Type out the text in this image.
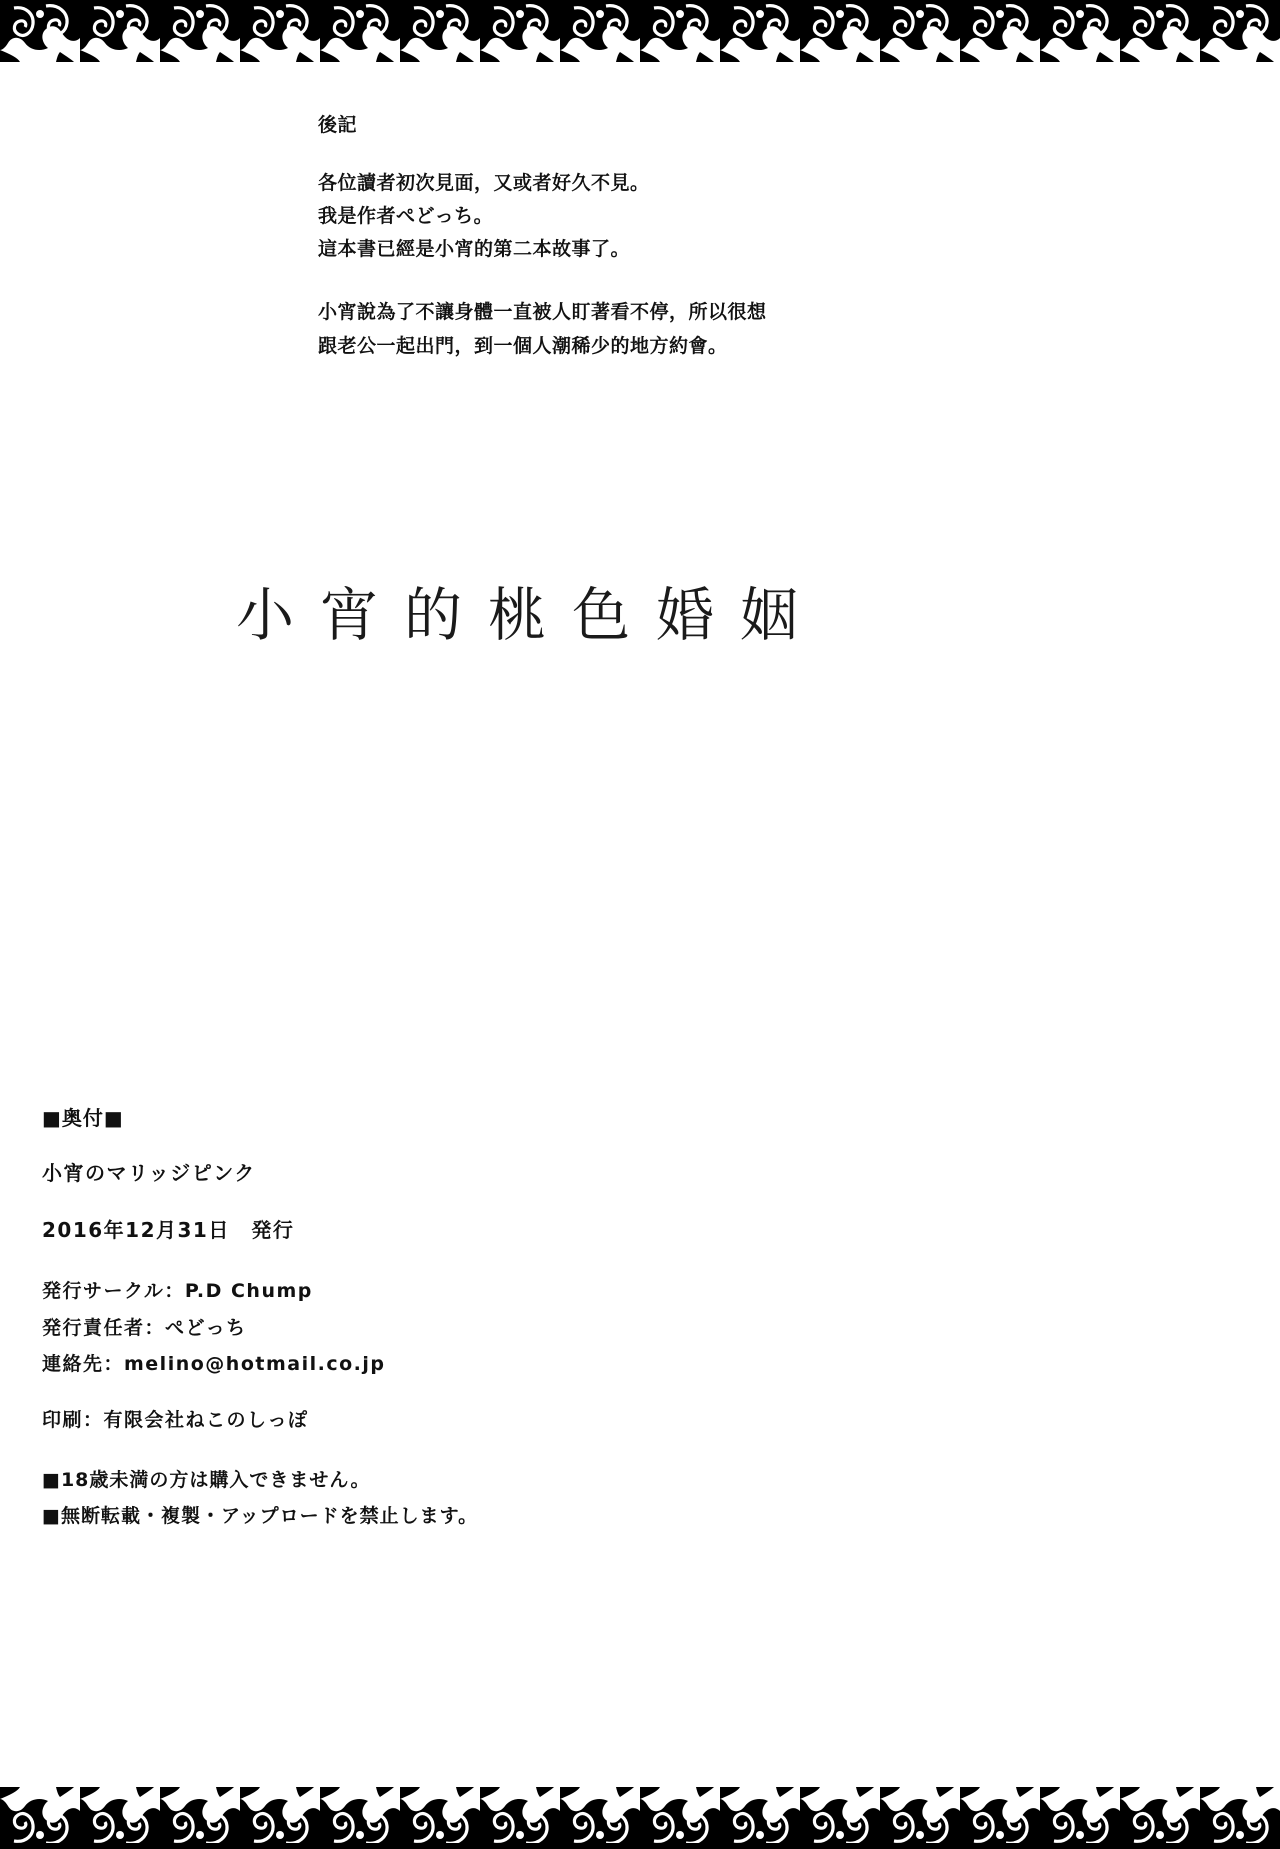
後記

各位讀者初次見面，又或者好久不見。

我是作者ぺどっち。

這本書已經是小宵的第二本故事了。

小宵說為了不讓身體一直被人盯著看不停，所以很想跟老公一起出門，到一個人潮稀少的地方約會。

小宵的桃色婚姻
■奥付■
小宵のマリッジピンク
2016年12月31日　発行

発行サークル：P.D Chump

発行責任者：ぺどっち

連絡先：melino@hotmail.co.jp

印刷：有限会社ねこのしっぽ

■18歳未満の方は購入できません。

■無断転載・複製・アップロードを禁止します。
